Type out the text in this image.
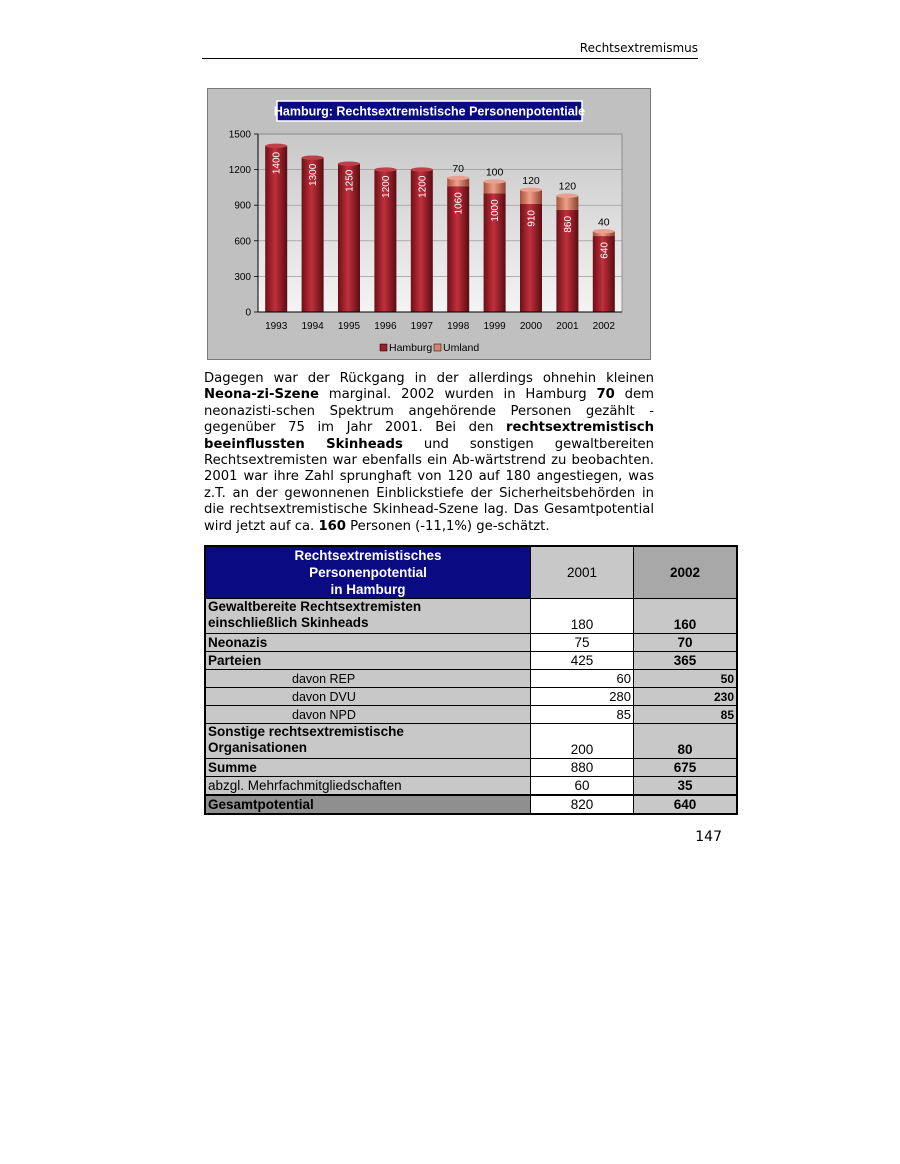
Rechtsextremismus
0
300
600
900
1200
1500
1400
1993
1300
1994
1250
1995
1200
1996
1200
1997
70
1060
1998
100
1000
1999
120
910
2000
120
860
2001
40
640
2002
Hamburg: Rechtsextremistische Personenpotentiale
Hamburg Umland

Dagegen war der Rückgang in der allerdings ohnehin kleinen Neona-zi-Szene marginal. 2002 wurden in Hamburg 70 dem neonazisti-schen Spektrum angehörende Personen gezählt - gegenüber 75 im Jahr 2001. Bei den rechtsextremistisch beeinflussten Skinheads und sonstigen gewaltbereiten Rechtsextremisten war ebenfalls ein Ab-wärtstrend zu beobachten. 2001 war ihre Zahl sprunghaft von 120 auf 180 angestiegen, was z.T. an der gewonnenen Einblickstiefe der Sicherheitsbehörden in die rechtsextremistische Skinhead-Szene lag. Das Gesamtpotential wird jetzt auf ca. 160 Personen (-11,1%) ge-schätzt.

Rechtsextremistisches
Personenpotential
in Hamburg	2001	2002

Gewaltbereite Rechtsextremisten
einschließlich Skinheads	180	160
Neonazis	75	70
Parteien	425	365
davon REP	60	50
davon DVU	280	230
davon NPD	85	85

Sonstige rechtsextremistische
Organisationen	200	80
Summe	880	675
abzgl. Mehrfachmitgliedschaften	60	35
Gesamtpotential	820	640
147
